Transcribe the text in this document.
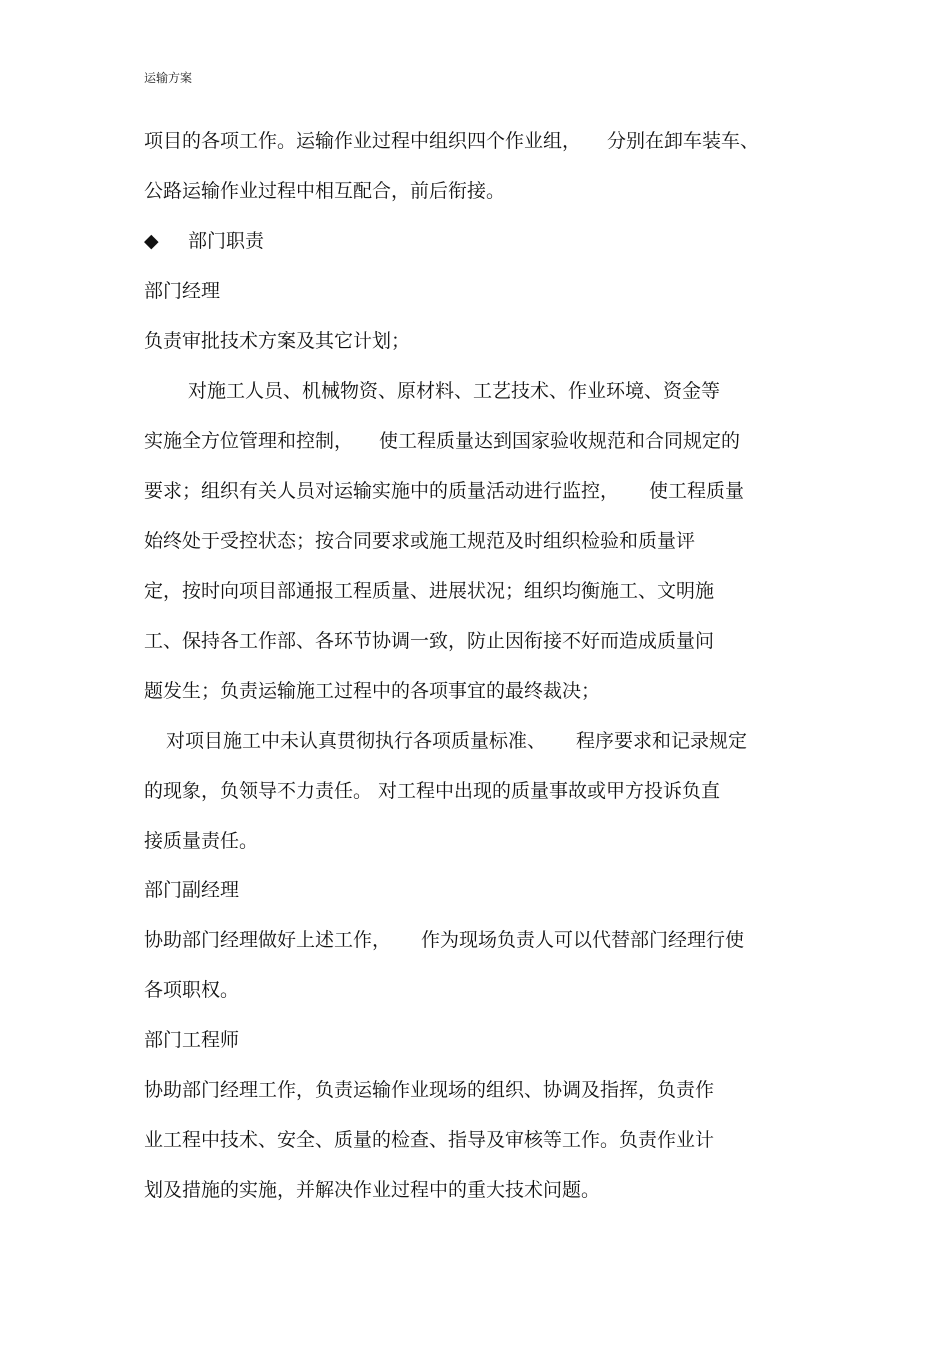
运输方案
项目的各项工作。运输作业过程中组织四个作业组， 分别在卸车装车、
公路运输作业过程中相互配合，前后衔接。
◆ 部门职责
部门经理
负责审批技术方案及其它计划；
对施工人员、机械物资、原材料、工艺技术、作业环境、资金等
实施全方位管理和控制， 使工程质量达到国家验收规范和合同规定的
要求；组织有关人员对运输实施中的质量活动进行监控， 使工程质量
始终处于受控状态；按合同要求或施工规范及时组织检验和质量评
定，按时向项目部通报工程质量、进展状况；组织均衡施工、文明施
工、保持各工作部、各环节协调一致，防止因衔接不好而造成质量问
题发生；负责运输施工过程中的各项事宜的最终裁决；
对项目施工中未认真贯彻执行各项质量标准、 程序要求和记录规定
的现象，负领导不力责任。 对工程中出现的质量事故或甲方投诉负直
接质量责任。
部门副经理
协助部门经理做好上述工作， 作为现场负责人可以代替部门经理行使
各项职权。
部门工程师
协助部门经理工作，负责运输作业现场的组织、协调及指挥，负责作
业工程中技术、安全、质量的检查、指导及审核等工作。负责作业计
划及措施的实施，并解决作业过程中的重大技术问题。
